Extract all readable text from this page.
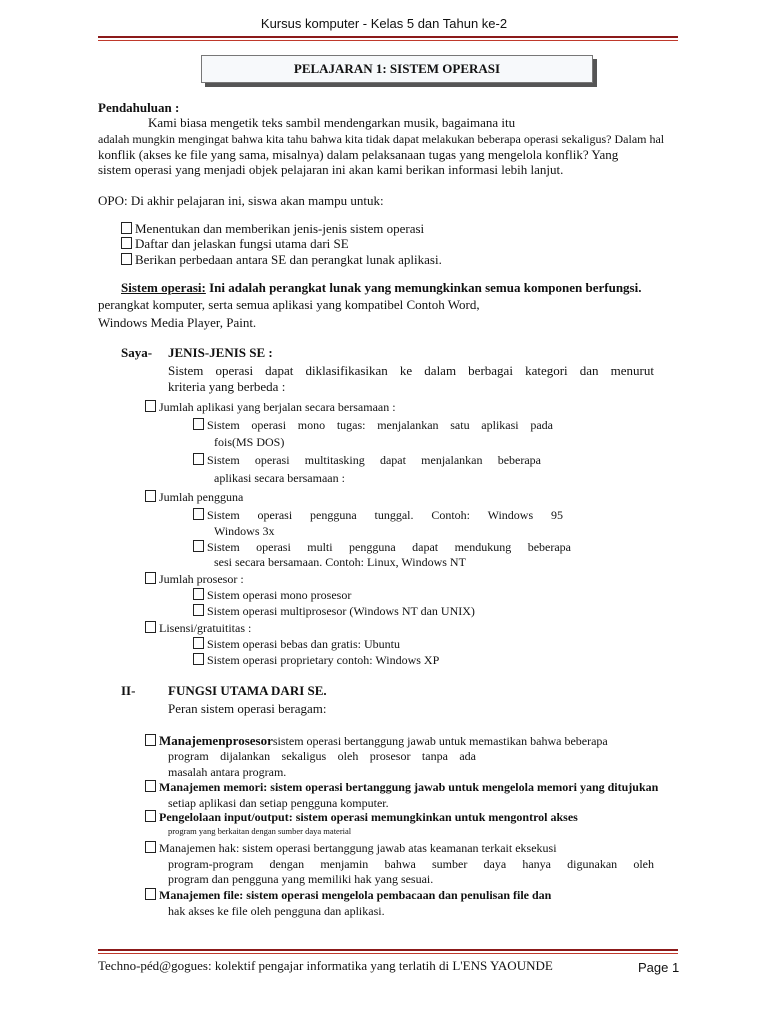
Kursus komputer - Kelas 5 dan Tahun ke-2
PELAJARAN 1: SISTEM OPERASI
Pendahuluan :
Kami biasa mengetik teks sambil mendengarkan musik, bagaimana itu
adalah mungkin mengingat bahwa kita tahu bahwa kita tidak dapat melakukan beberapa operasi sekaligus? Dalam hal
konflik (akses ke file yang sama, misalnya) dalam pelaksanaan tugas yang mengelola konflik? Yang
sistem operasi yang menjadi objek pelajaran ini akan kami berikan informasi lebih lanjut.
OPO: Di akhir pelajaran ini, siswa akan mampu untuk:
Menentukan dan memberikan jenis-jenis sistem operasi
Daftar dan jelaskan fungsi utama dari SE
Berikan perbedaan antara SE dan perangkat lunak aplikasi.
Sistem operasi: Ini adalah perangkat lunak yang memungkinkan semua komponen berfungsi.
perangkat komputer, serta semua aplikasi yang kompatibel Contoh Word,
Windows Media Player, Paint.
Saya- JENIS-JENIS SE :
Sistem operasi dapat diklasifikasikan ke dalam berbagai kategori dan menurut
kriteria yang berbeda :
Jumlah aplikasi yang berjalan secara bersamaan :
Sistem operasi mono tugas: menjalankan satu aplikasi pada
fois(MS DOS)
Sistem operasi multitasking dapat menjalankan beberapa
aplikasi secara bersamaan :
Jumlah pengguna
Sistem operasi pengguna tunggal. Contoh: Windows 95
Windows 3x
Sistem operasi multi pengguna dapat mendukung beberapa
sesi secara bersamaan. Contoh: Linux, Windows NT
Jumlah prosesor :
Sistem operasi mono prosesor
Sistem operasi multiprosesor (Windows NT dan UNIX)
Lisensi/gratuititas :
Sistem operasi bebas dan gratis: Ubuntu
Sistem operasi proprietary contoh: Windows XP
II-	FUNGSI UTAMA DARI SE.
Peran sistem operasi beragam:
Manajemenprosesorsistem operasi bertanggung jawab untuk memastikan bahwa beberapa
program dijalankan sekaligus oleh prosesor tanpa ada
masalah antara program.
Manajemen memori: sistem operasi bertanggung jawab untuk mengelola memori yang ditujukan
setiap aplikasi dan setiap pengguna komputer.
Pengelolaan input/output: sistem operasi memungkinkan untuk mengontrol akses
program yang berkaitan dengan sumber daya material
Manajemen hak: sistem operasi bertanggung jawab atas keamanan terkait eksekusi
program-program dengan menjamin bahwa sumber daya hanya digunakan oleh
program dan pengguna yang memiliki hak yang sesuai.
Manajemen file: sistem operasi mengelola pembacaan dan penulisan file dan
hak akses ke file oleh pengguna dan aplikasi.
Techno-péd@gogues: kolektif pengajar informatika yang terlatih di L'ENS YAOUNDE	Page 1
